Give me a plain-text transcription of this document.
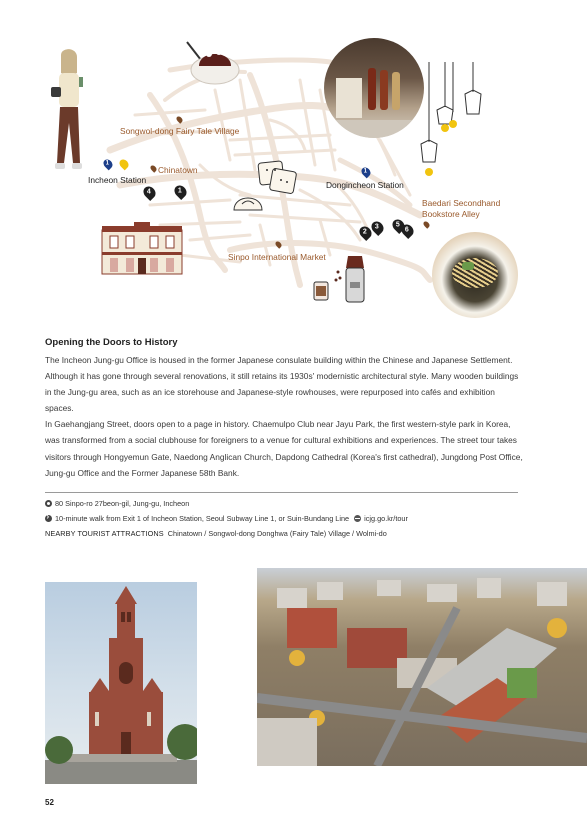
1
1
4	1
2
3	5
6
Songwol-dong Fairy Tale Village
Chinatown
Incheon Station	Dongincheon Station
Baedari Secondhand
Bookstore Alley
Sinpo International Market
Opening the Doors to History

The Incheon Jung-gu Office is housed in the former Japanese consulate building within the Chinese and Japanese Settlement. Although it has gone through several renovations, it still retains its 1930s' modernistic architectural style. Many wooden buildings in the Jung-gu area, such as an ice storehouse and Japanese-style rowhouses, were repurposed into cafés and exhibition spaces.

In Gaehangjang Street, doors open to a page in history. Chaemulpo Club near Jayu Park, the first western-style park in Korea, was transformed from a social clubhouse for foreigners to a venue for cultural exhibitions and experiences. The street tour takes visitors through Hongyemun Gate, Naedong Anglican Church, Dapdong Cathedral (Korea's first cathedral), Jungdong Post Office, Jung-gu Office and the Former Japanese 58th Bank.

80 Sinpo-ro 27beon-gil, Jung-gu, Incheon
›10-minute walk from Exit 1 of Incheon Station, Seoul Subway Line 1, or Suin-Bundang Line icjg.go.kr/tour
NEARBY TOURIST ATTRACTIONS Chinatown / Songwol-dong Donghwa (Fairy Tale) Village / Wolmi-do
52
